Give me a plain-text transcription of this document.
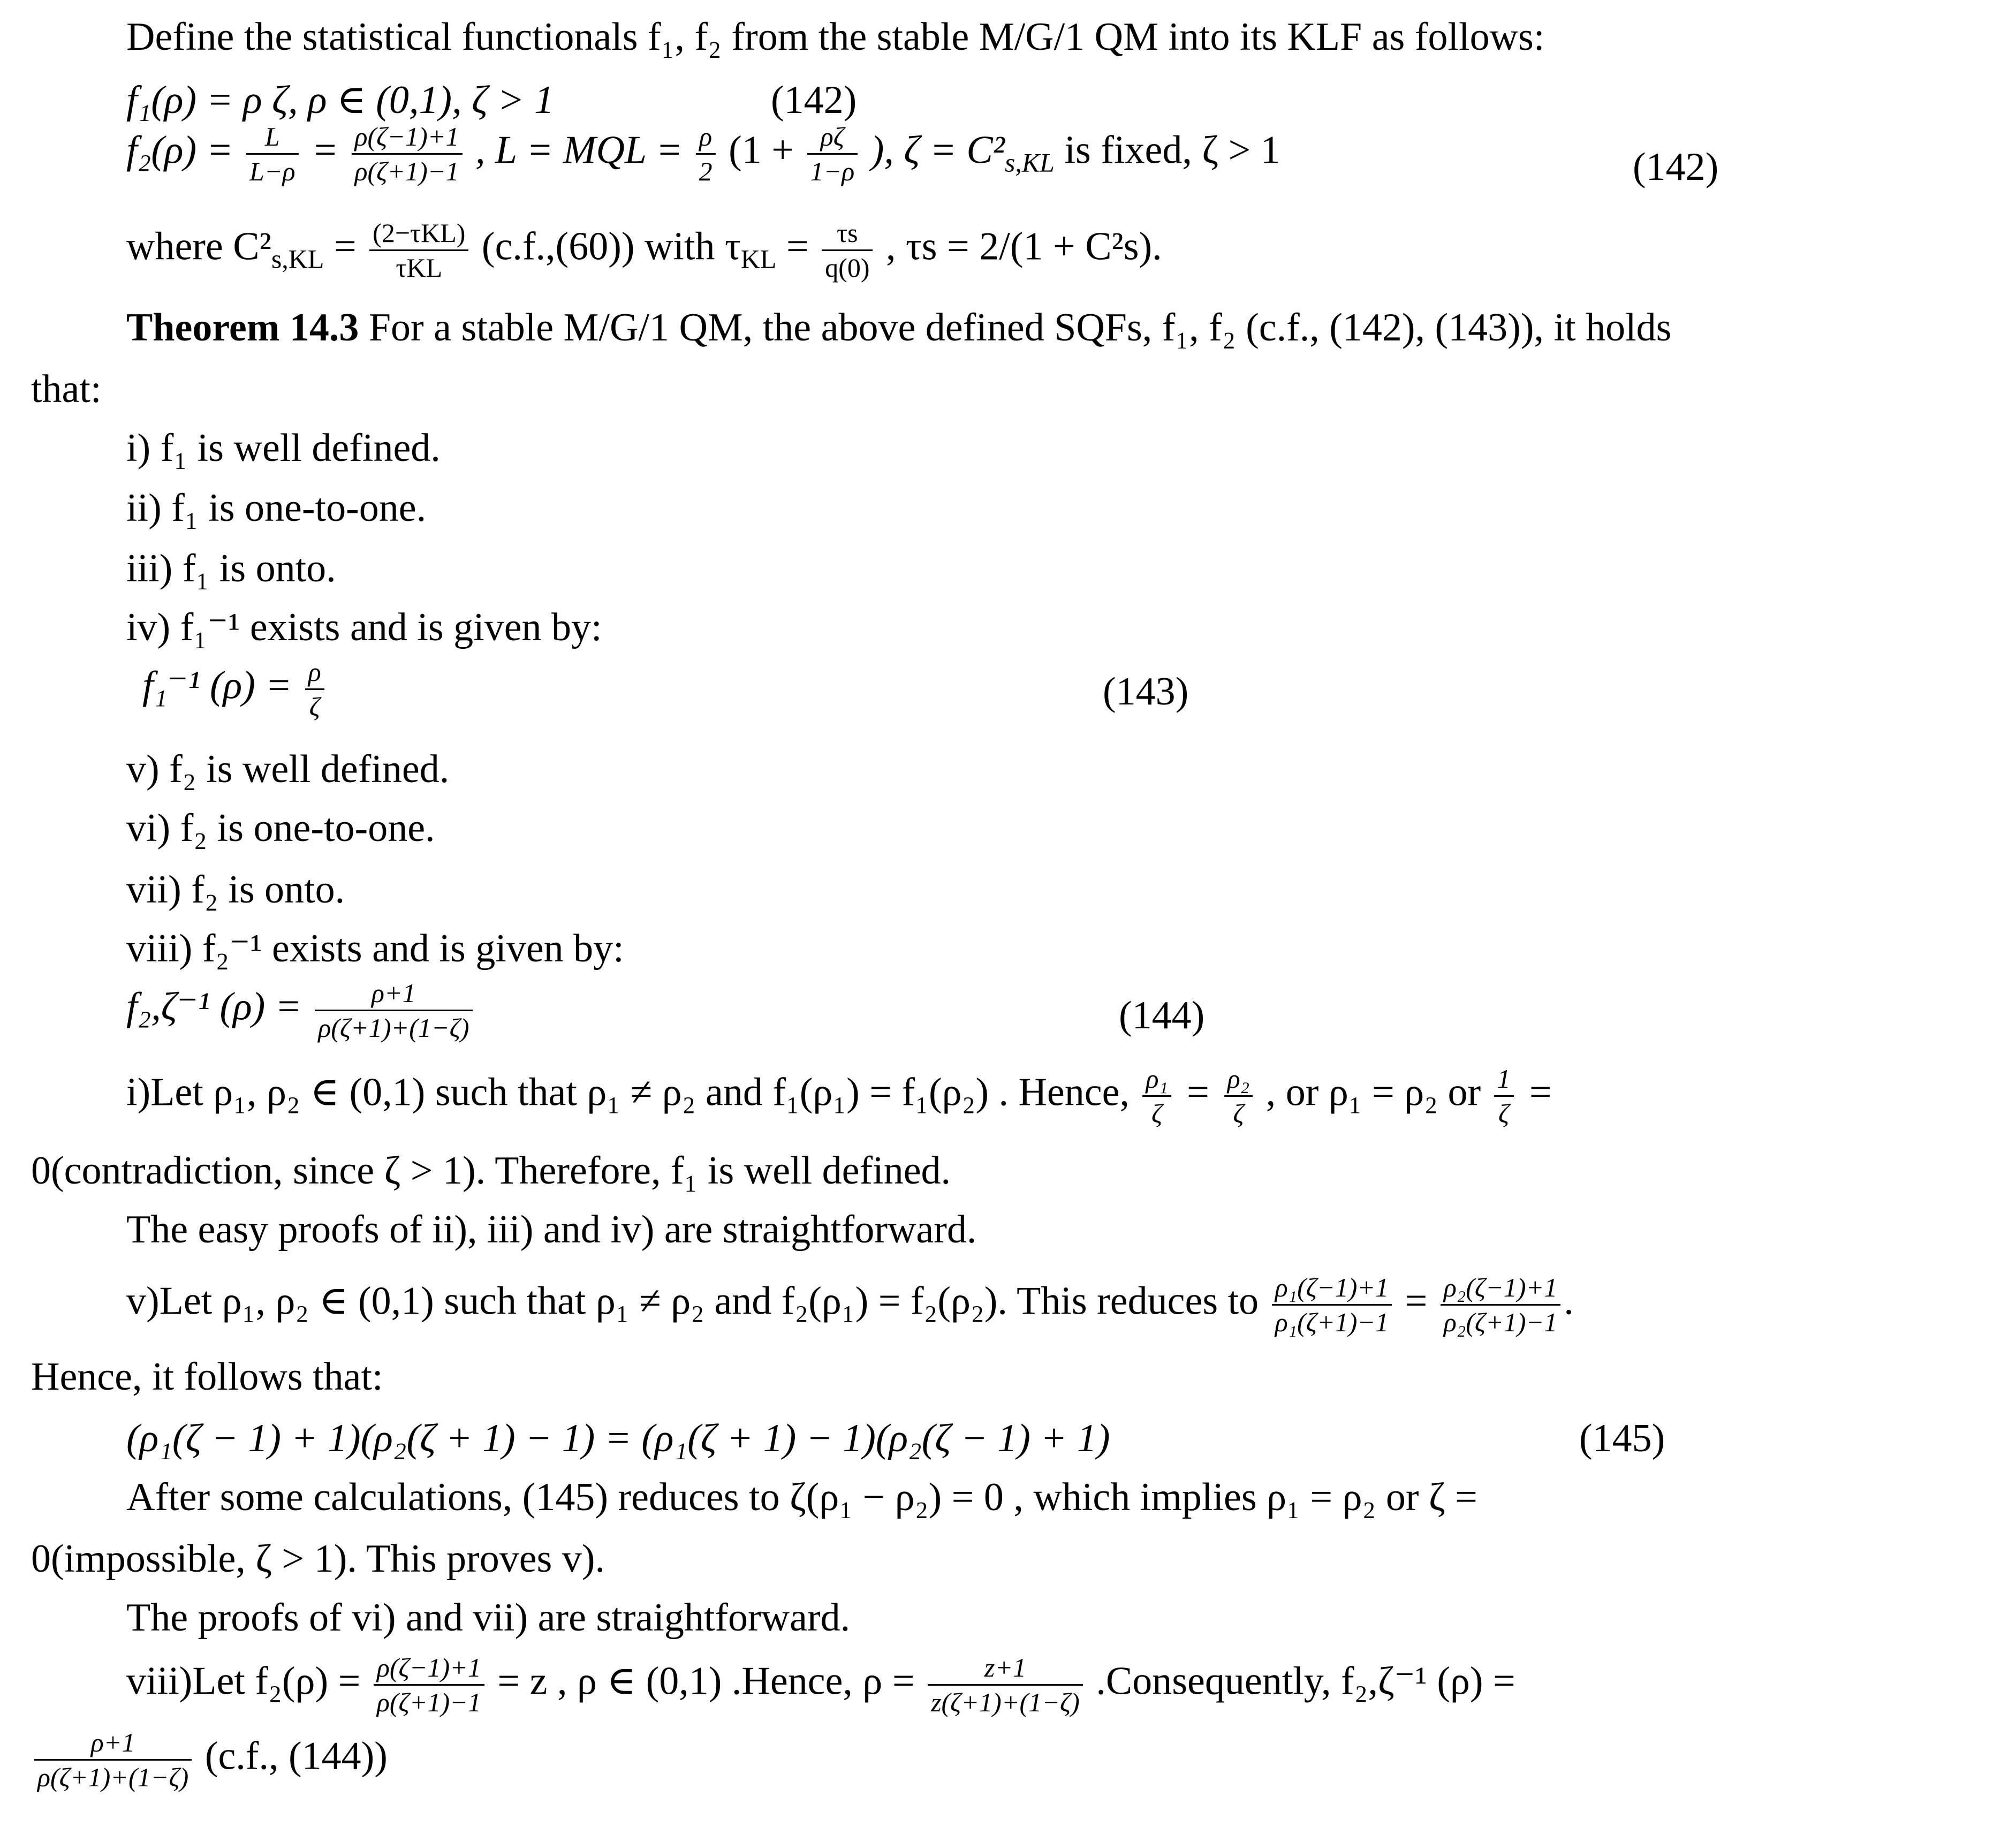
Define the statistical functionals f₁, f₂ from the stable M/G/1 QM into its KLF as follows:
f₁(ρ) = ρ ζ, ρ ∈ (0,1), ζ > 1	(142)
$f_2(\rho) = \frac{L}{L-\rho} = \frac{\rho(\zeta-1)+1}{\rho(\zeta+1)-1}$ , L = MQL = $\frac{\rho}{2} (1 + \frac{\rho\zeta}{1-\rho}$ ), $\zeta = C^2_{s,KL}$ is fixed, ζ > 1	(142)
where $C^2_{s,KL} = \frac{\text{(2−τKL)}}{\text{τKL}} (c.f.,(60))$ with $\tau_{KL} = \frac{\tau s}{q(0)}$ , τs = 2/(1 + C²s).
Theorem 14.3 For a stable M/G/1 QM, the above defined SQFs, f₁, f₂ (c.f., (142), (143)), it holds
that:
i) f₁ is well defined.
ii) f₁ is one-to-one.
iii) f₁ is onto.
iv) f₁⁻¹ exists and is given by:
f₁⁻¹ $(\rho) = \frac{\rho}{\zeta}$	(143)
v) f₂ is well defined.
vi) f₂ is one-to-one.
vii) f₂ is onto.
viii) f₂⁻¹ exists and is given by:
f₂,ζ⁻¹ $(\rho) = \frac{\rho+1}{\rho(\zeta+1)+(1-\zeta)}$	(144)
i)Let ρ₁, ρ₂ ∈ (0,1) such that ρ₁ ≠ ρ₂ and f₁(ρ₁) = f₁(ρ₂) . Hence, $\frac{\text{ρ₁}}{\zeta} = \frac{\text{ρ₂}}{\zeta}$ , or ρ₁ = ρ₂ or $\frac{1}{\zeta}$ =
0(contradiction, since ζ > 1). Therefore, f₁ is well defined.
The easy proofs of ii), iii) and iv) are straightforward.
v)Let ρ₁, ρ₂ ∈ (0,1) such that ρ₁ ≠ ρ₂ and f₂(ρ₁) = f₂(ρ₂). This reduces to $\frac{\text{ρ₁(ζ−1)+1}}{\text{ρ₁(ζ+1)−1}} = \frac{\text{ρ₂(ζ−1)+1}}{\text{ρ₂(ζ+1)−1}}$ .
Hence, it follows that:
(ρ₁(ζ − 1) + 1)(ρ₂(ζ + 1) − 1) = (ρ₁(ζ + 1) − 1)(ρ₂(ζ − 1) + 1)	(145)
After some calculations, (145) reduces to ζ(ρ₁ − ρ₂) = 0 , which implies ρ₁ = ρ₂ or ζ =
0(impossible, ζ > 1). This proves v).
The proofs of vi) and vii) are straightforward.
viii)Let $f_2(\rho) = \frac{\rho(\zeta-1)+1}{\rho(\zeta+1)-1} = z$ , ρ ∈ (0,1) .Hence, $\rho = \frac{z+1}{z(\zeta+1)+(1-\zeta)}$ .Consequently, f₂,ζ⁻¹ (ρ) =
$\frac{\rho+1}{\rho(\zeta+1)+(1-\zeta)} (c.f$., (144))
